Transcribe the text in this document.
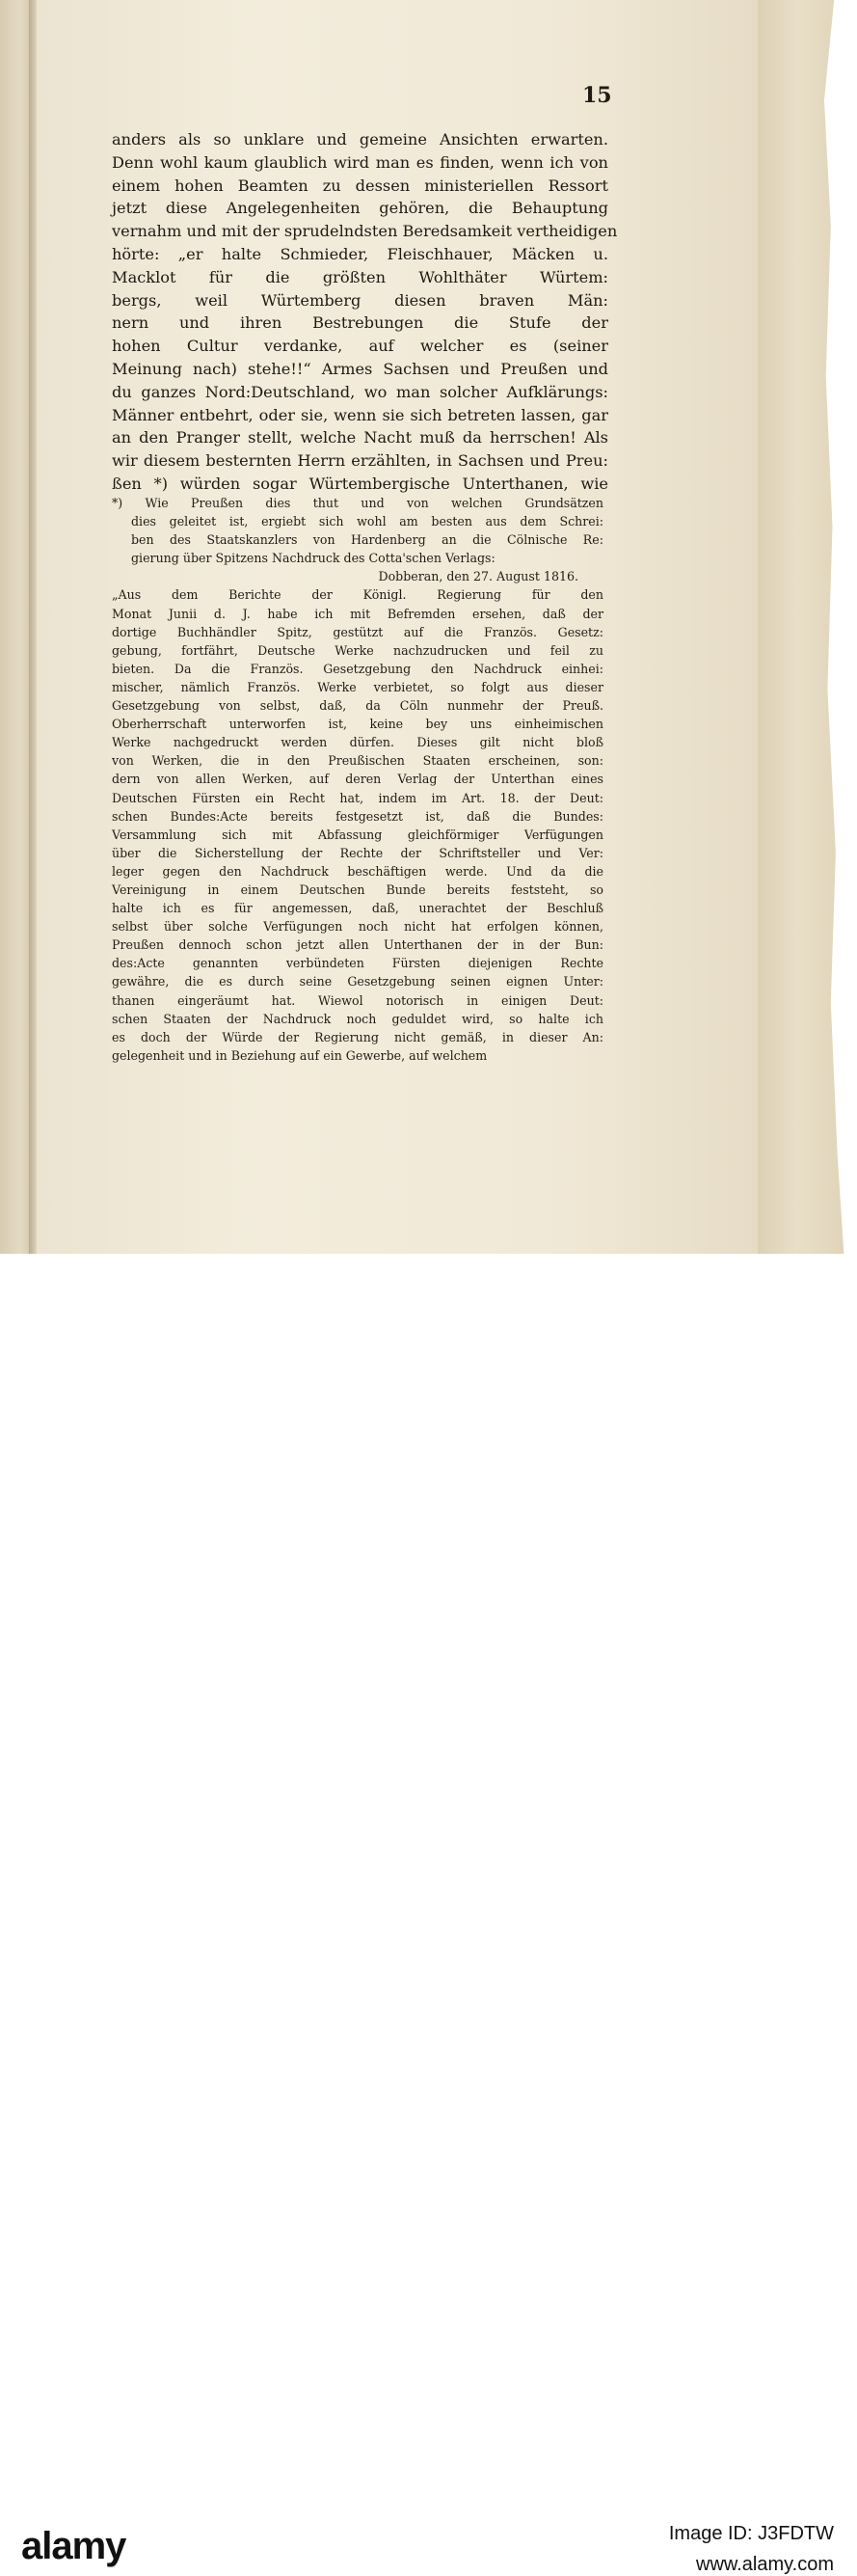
15
anders als so unklare und gemeine Ansichten erwarten.
Denn wohl kaum glaublich wird man es finden, wenn ich von
einem hohen Beamten zu dessen ministeriellen Ressort
jetzt diese Angelegenheiten gehören, die Behauptung
vernahm und mit der sprudelndsten Beredsamkeit vertheidigen
hörte: „er halte Schmieder, Fleischhauer, Mäcken u.
Macklot für die größten Wohlthäter Würtem:
bergs, weil Würtemberg diesen braven Män:
nern und ihren Bestrebungen die Stufe der
hohen Cultur verdanke, auf welcher es (seiner
Meinung nach) stehe!!“ Armes Sachsen und Preußen und
du ganzes Nord:Deutschland, wo man solcher Aufklärungs:
Männer entbehrt, oder sie, wenn sie sich betreten lassen, gar
an den Pranger stellt, welche Nacht muß da herrschen! Als
wir diesem besternten Herrn erzählten, in Sachsen und Preu:
ßen *) würden sogar Würtembergische Unterthanen, wie
*) Wie Preußen dies thut und von welchen Grundsätzen
dies geleitet ist, ergiebt sich wohl am besten aus dem Schrei:
ben des Staatskanzlers von Hardenberg an die Cölnische Re:
gierung über Spitzens Nachdruck des Cotta'schen Verlags:
Dobberan, den 27. August 1816.
„Aus dem Berichte der Königl. Regierung für den
Monat Junii d. J. habe ich mit Befremden ersehen, daß der
dortige Buchhändler Spitz, gestützt auf die Französ. Gesetz:
gebung, fortfährt, Deutsche Werke nachzudrucken und feil zu
bieten. Da die Französ. Gesetzgebung den Nachdruck einhei:
mischer, nämlich Französ. Werke verbietet, so folgt aus dieser
Gesetzgebung von selbst, daß, da Cöln nunmehr der Preuß.
Oberherrschaft unterworfen ist, keine bey uns einheimischen
Werke nachgedruckt werden dürfen. Dieses gilt nicht bloß
von Werken, die in den Preußischen Staaten erscheinen, son:
dern von allen Werken, auf deren Verlag der Unterthan eines
Deutschen Fürsten ein Recht hat, indem im Art. 18. der Deut:
schen Bundes:Acte bereits festgesetzt ist, daß die Bundes:
Versammlung sich mit Abfassung gleichförmiger Verfügungen
über die Sicherstellung der Rechte der Schriftsteller und Ver:
leger gegen den Nachdruck beschäftigen werde. Und da die
Vereinigung in einem Deutschen Bunde bereits feststeht, so
halte ich es für angemessen, daß, unerachtet der Beschluß
selbst über solche Verfügungen noch nicht hat erfolgen können,
Preußen dennoch schon jetzt allen Unterthanen der in der Bun:
des:Acte genannten verbündeten Fürsten diejenigen Rechte
gewähre, die es durch seine Gesetzgebung seinen eignen Unter:
thanen eingeräumt hat. Wiewol notorisch in einigen Deut:
schen Staaten der Nachdruck noch geduldet wird, so halte ich
es doch der Würde der Regierung nicht gemäß, in dieser An:
gelegenheit und in Beziehung auf ein Gewerbe, auf welchem
alamy	Image ID: J3FDTW
www.alamy.com
